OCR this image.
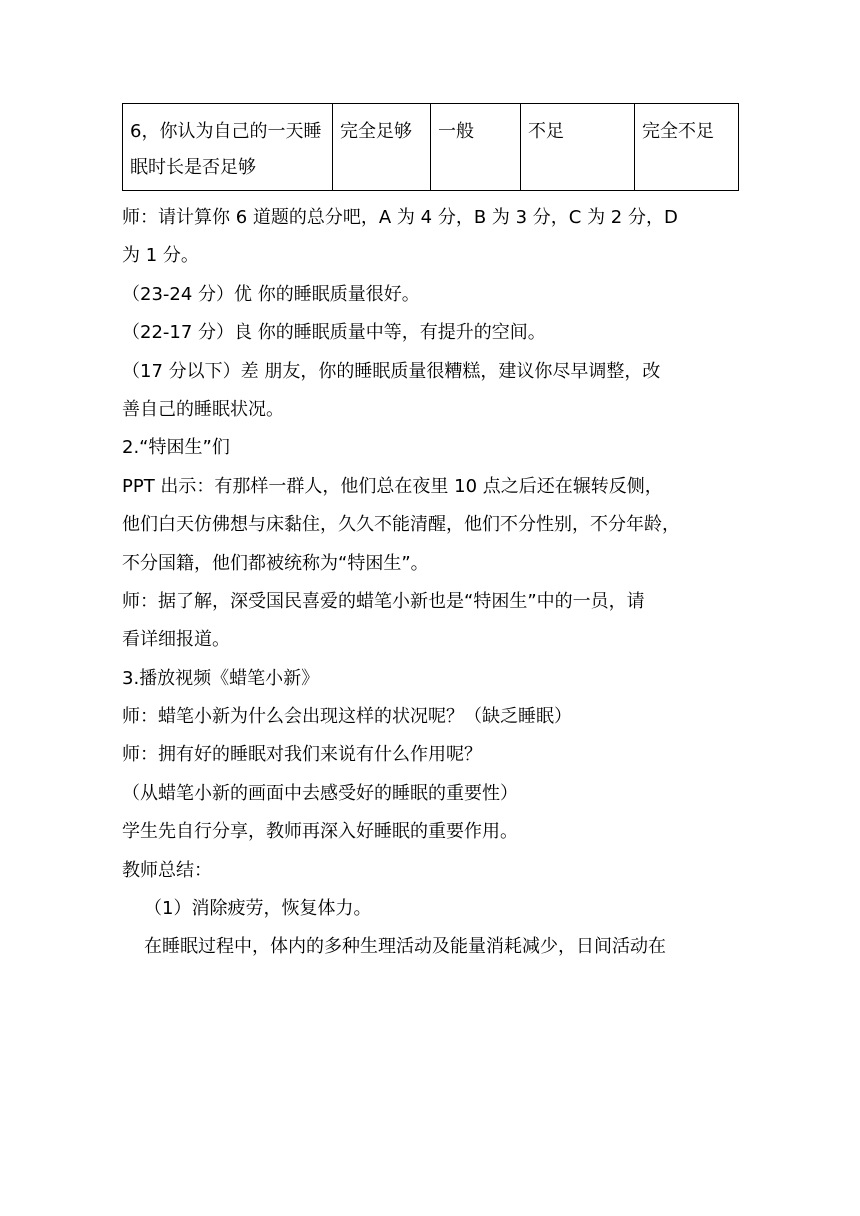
6，你认为自己的一天睡眠时长是否足够	完全足够	一般	不足	完全不足

师：请计算你 6 道题的总分吧，A 为 4 分，B 为 3 分，C 为 2 分，D

为 1 分。

（23-24 分）优 你的睡眠质量很好。

（22-17 分）良 你的睡眠质量中等，有提升的空间。

（17 分以下）差 朋友，你的睡眠质量很糟糕，建议你尽早调整，改

善自己的睡眠状况。

2.“特困生”们

PPT 出示：有那样一群人，他们总在夜里 10 点之后还在辗转反侧，

他们白天仿佛想与床黏住，久久不能清醒，他们不分性别，不分年龄，

不分国籍，他们都被统称为“特困生”。

师：据了解，深受国民喜爱的蜡笔小新也是“特困生”中的一员，请

看详细报道。

3.播放视频《蜡笔小新》

师：蜡笔小新为什么会出现这样的状况呢？（缺乏睡眠）

师：拥有好的睡眠对我们来说有什么作用呢？

（从蜡笔小新的画面中去感受好的睡眠的重要性）

学生先自行分享，教师再深入好睡眠的重要作用。

教师总结：

（1）消除疲劳，恢复体力。

在睡眠过程中，体内的多种生理活动及能量消耗减少，日间活动在
